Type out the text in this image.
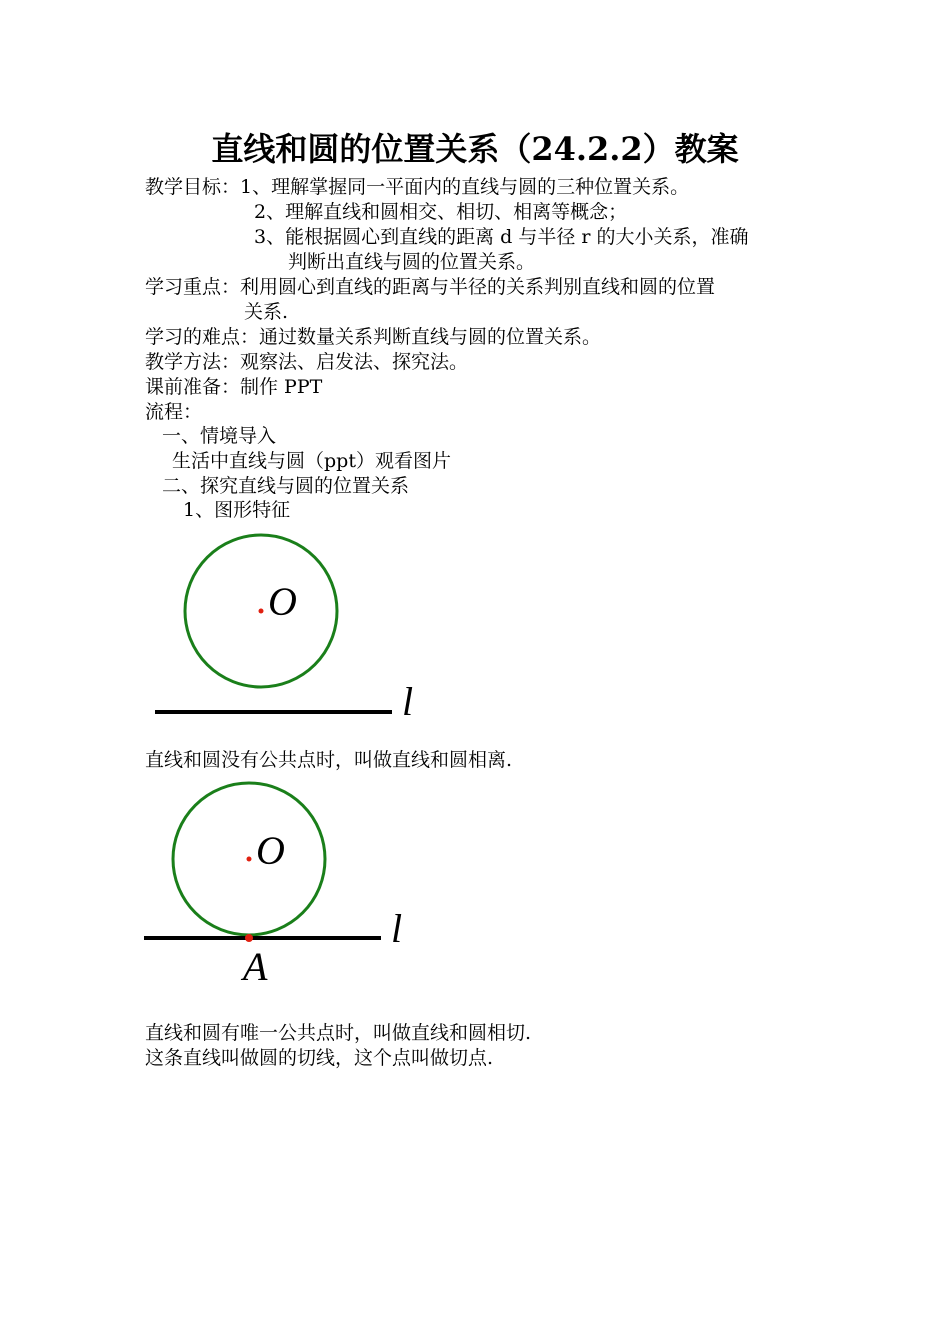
直线和圆的位置关系（24.2.2）教案
教学目标：1、理解掌握同一平面内的直线与圆的三种位置关系。
2、理解直线和圆相交、相切、相离等概念；
3、能根据圆心到直线的距离 d 与半径 r 的大小关系，准确
判断出直线与圆的位置关系。
学习重点：利用圆心到直线的距离与半径的关系判别直线和圆的位置
关系.
学习的难点：通过数量关系判断直线与圆的位置关系。
教学方法：观察法、启发法、探究法。
课前准备：制作 PPT
流程：
一、情境导入
生活中直线与圆（ppt）观看图片
二、探究直线与圆的位置关系
1、图形特征
O
l
O
l
A
直线和圆没有公共点时，叫做直线和圆相离.
直线和圆有唯一公共点时，叫做直线和圆相切.
这条直线叫做圆的切线，这个点叫做切点.
